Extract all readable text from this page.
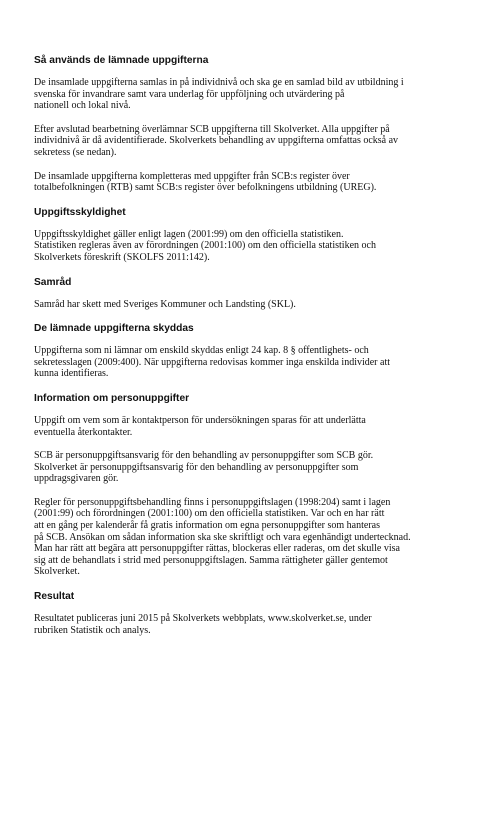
Så används de lämnade uppgifterna

De insamlade uppgifterna samlas in på individnivå och ska ge en samlad bild av utbildning i
svenska för invandrare samt vara underlag för uppföljning och utvärdering på
nationell och lokal nivå.

Efter avslutad bearbetning överlämnar SCB uppgifterna till Skolverket. Alla uppgifter på
individnivå är då avidentifierade. Skolverkets behandling av uppgifterna omfattas också av
sekretess (se nedan).

De insamlade uppgifterna kompletteras med uppgifter från SCB:s register över
totalbefolkningen (RTB) samt SCB:s register över befolkningens utbildning (UREG).

Uppgiftsskyldighet

Uppgiftsskyldighet gäller enligt lagen (2001:99) om den officiella statistiken.
Statistiken regleras även av förordningen (2001:100) om den officiella statistiken och
Skolverkets föreskrift (SKOLFS 2011:142).

Samråd

Samråd har skett med Sveriges Kommuner och Landsting (SKL).

De lämnade uppgifterna skyddas

Uppgifterna som ni lämnar om enskild skyddas enligt 24 kap. 8 § offentlighets- och
sekretesslagen (2009:400). När uppgifterna redovisas kommer inga enskilda individer att
kunna identifieras.

Information om personuppgifter

Uppgift om vem som är kontaktperson för undersökningen sparas för att underlätta
eventuella återkontakter.

SCB är personuppgiftsansvarig för den behandling av personuppgifter som SCB gör.
Skolverket är personuppgiftsansvarig för den behandling av personuppgifter som
uppdragsgivaren gör.

Regler för personuppgiftsbehandling finns i personuppgiftslagen (1998:204) samt i lagen
(2001:99) och förordningen (2001:100) om den officiella statistiken. Var och en har rätt
att en gång per kalenderår få gratis information om egna personuppgifter som hanteras
på SCB. Ansökan om sådan information ska ske skriftligt och vara egenhändigt undertecknad.
Man har rätt att begära att personuppgifter rättas, blockeras eller raderas, om det skulle visa
sig att de behandlats i strid med personuppgiftslagen. Samma rättigheter gäller gentemot
Skolverket.

Resultat

Resultatet publiceras juni 2015 på Skolverkets webbplats, www.skolverket.se, under
rubriken Statistik och analys.
